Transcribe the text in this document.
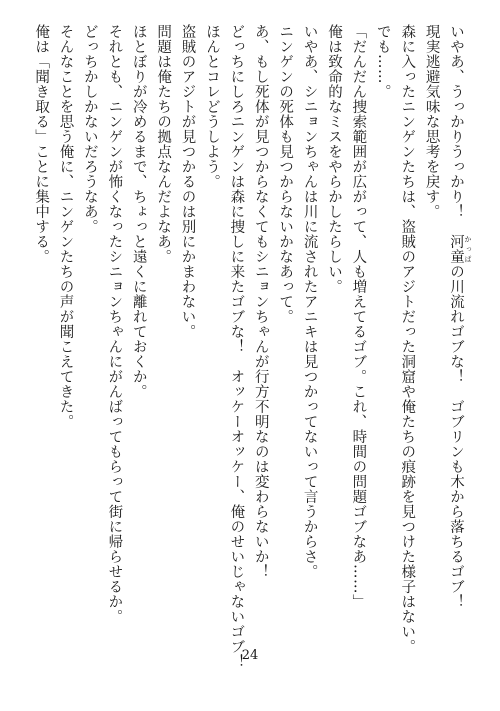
いやあ、うっかりうっかり！　河童 かっぱの川流れゴブな！　ゴブリンも木から落ちるゴブ！
現実逃避気味な思考を戻す。
森に入ったニンゲンたちは、盗賊のアジトだった洞窟や俺たちの痕跡を見つけた様子はない。
でも……。
「だんだん捜索範囲が広がって、人も増えてるゴブ。これ、時間の問題ゴブなあ……」
俺は致命的なミスをやらかしたらしい。
いやあ、シニョンちゃんは川に流されたアニキは見つかってないって言うからさ。
ニンゲンの死体も見つからないかなあって。
あ、もし死体が見つからなくてもシニョンちゃんが行方不明なのは変わらないか！
どっちにしろニンゲンは森に捜しに来たゴブな！　オッケーオッケー、俺のせいじゃないゴブ！
ほんとコレどうしよう。
盗賊のアジトが見つかるのは別にかまわない。
問題は俺たちの拠点なんだよなあ。
ほとぼりが冷めるまで、ちょっと遠くに離れておくか。
それとも、ニンゲンが怖くなったシニョンちゃんにがんばってもらって街に帰らせるか。
どっちかしかないだろうなあ。
そんなことを思う俺に、ニンゲンたちの声が聞こえてきた。
俺は「聞き取る」ことに集中する。
24
